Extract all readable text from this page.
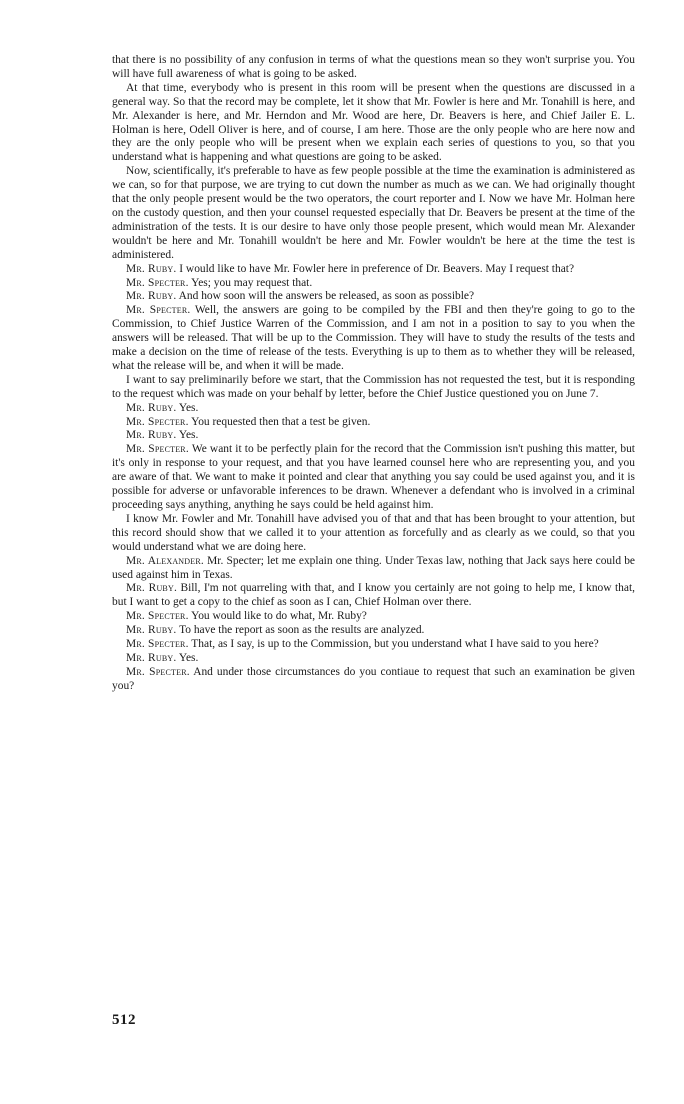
that there is no possibility of any confusion in terms of what the questions mean so they won't surprise you. You will have full awareness of what is going to be asked.

At that time, everybody who is present in this room will be present when the questions are discussed in a general way. So that the record may be complete, let it show that Mr. Fowler is here and Mr. Tonahill is here, and Mr. Alexander is here, and Mr. Herndon and Mr. Wood are here, Dr. Beavers is here, and Chief Jailer E. L. Holman is here, Odell Oliver is here, and of course, I am here. Those are the only people who are here now and they are the only people who will be present when we explain each series of questions to you, so that you understand what is happening and what questions are going to be asked.

Now, scientifically, it's preferable to have as few people possible at the time the examination is administered as we can, so for that purpose, we are trying to cut down the number as much as we can. We had originally thought that the only people present would be the two operators, the court reporter and I. Now we have Mr. Holman here on the custody question, and then your counsel requested especially that Dr. Beavers be present at the time of the administration of the tests. It is our desire to have only those people present, which would mean Mr. Alexander wouldn't be here and Mr. Tonahill wouldn't be here and Mr. Fowler wouldn't be here at the time the test is administered.

Mr. Ruby. I would like to have Mr. Fowler here in preference of Dr. Beavers. May I request that?

Mr. Specter. Yes; you may request that.

Mr. Ruby. And how soon will the answers be released, as soon as possible?

Mr. Specter. Well, the answers are going to be compiled by the FBI and then they're going to go to the Commission, to Chief Justice Warren of the Commission, and I am not in a position to say to you when the answers will be released. That will be up to the Commission. They will have to study the results of the tests and make a decision on the time of release of the tests. Everything is up to them as to whether they will be released, what the release will be, and when it will be made.

I want to say preliminarily before we start, that the Commission has not requested the test, but it is responding to the request which was made on your behalf by letter, before the Chief Justice questioned you on June 7.

Mr. Ruby. Yes.

Mr. Specter. You requested then that a test be given.

Mr. Ruby. Yes.

Mr. Specter. We want it to be perfectly plain for the record that the Commission isn't pushing this matter, but it's only in response to your request, and that you have learned counsel here who are representing you, and you are aware of that. We want to make it pointed and clear that anything you say could be used against you, and it is possible for adverse or unfavorable inferences to be drawn. Whenever a defendant who is involved in a criminal proceeding says anything, anything he says could be held against him.

I know Mr. Fowler and Mr. Tonahill have advised you of that and that has been brought to your attention, but this record should show that we called it to your attention as forcefully and as clearly as we could, so that you would understand what we are doing here.

Mr. Alexander. Mr. Specter; let me explain one thing. Under Texas law, nothing that Jack says here could be used against him in Texas.

Mr. Ruby. Bill, I'm not quarreling with that, and I know you certainly are not going to help me, I know that, but I want to get a copy to the chief as soon as I can, Chief Holman over there.

Mr. Specter. You would like to do what, Mr. Ruby?

Mr. Ruby. To have the report as soon as the results are analyzed.

Mr. Specter. That, as I say, is up to the Commission, but you understand what I have said to you here?

Mr. Ruby. Yes.

Mr. Specter. And under those circumstances do you contiaue to request that such an examination be given you?

512
